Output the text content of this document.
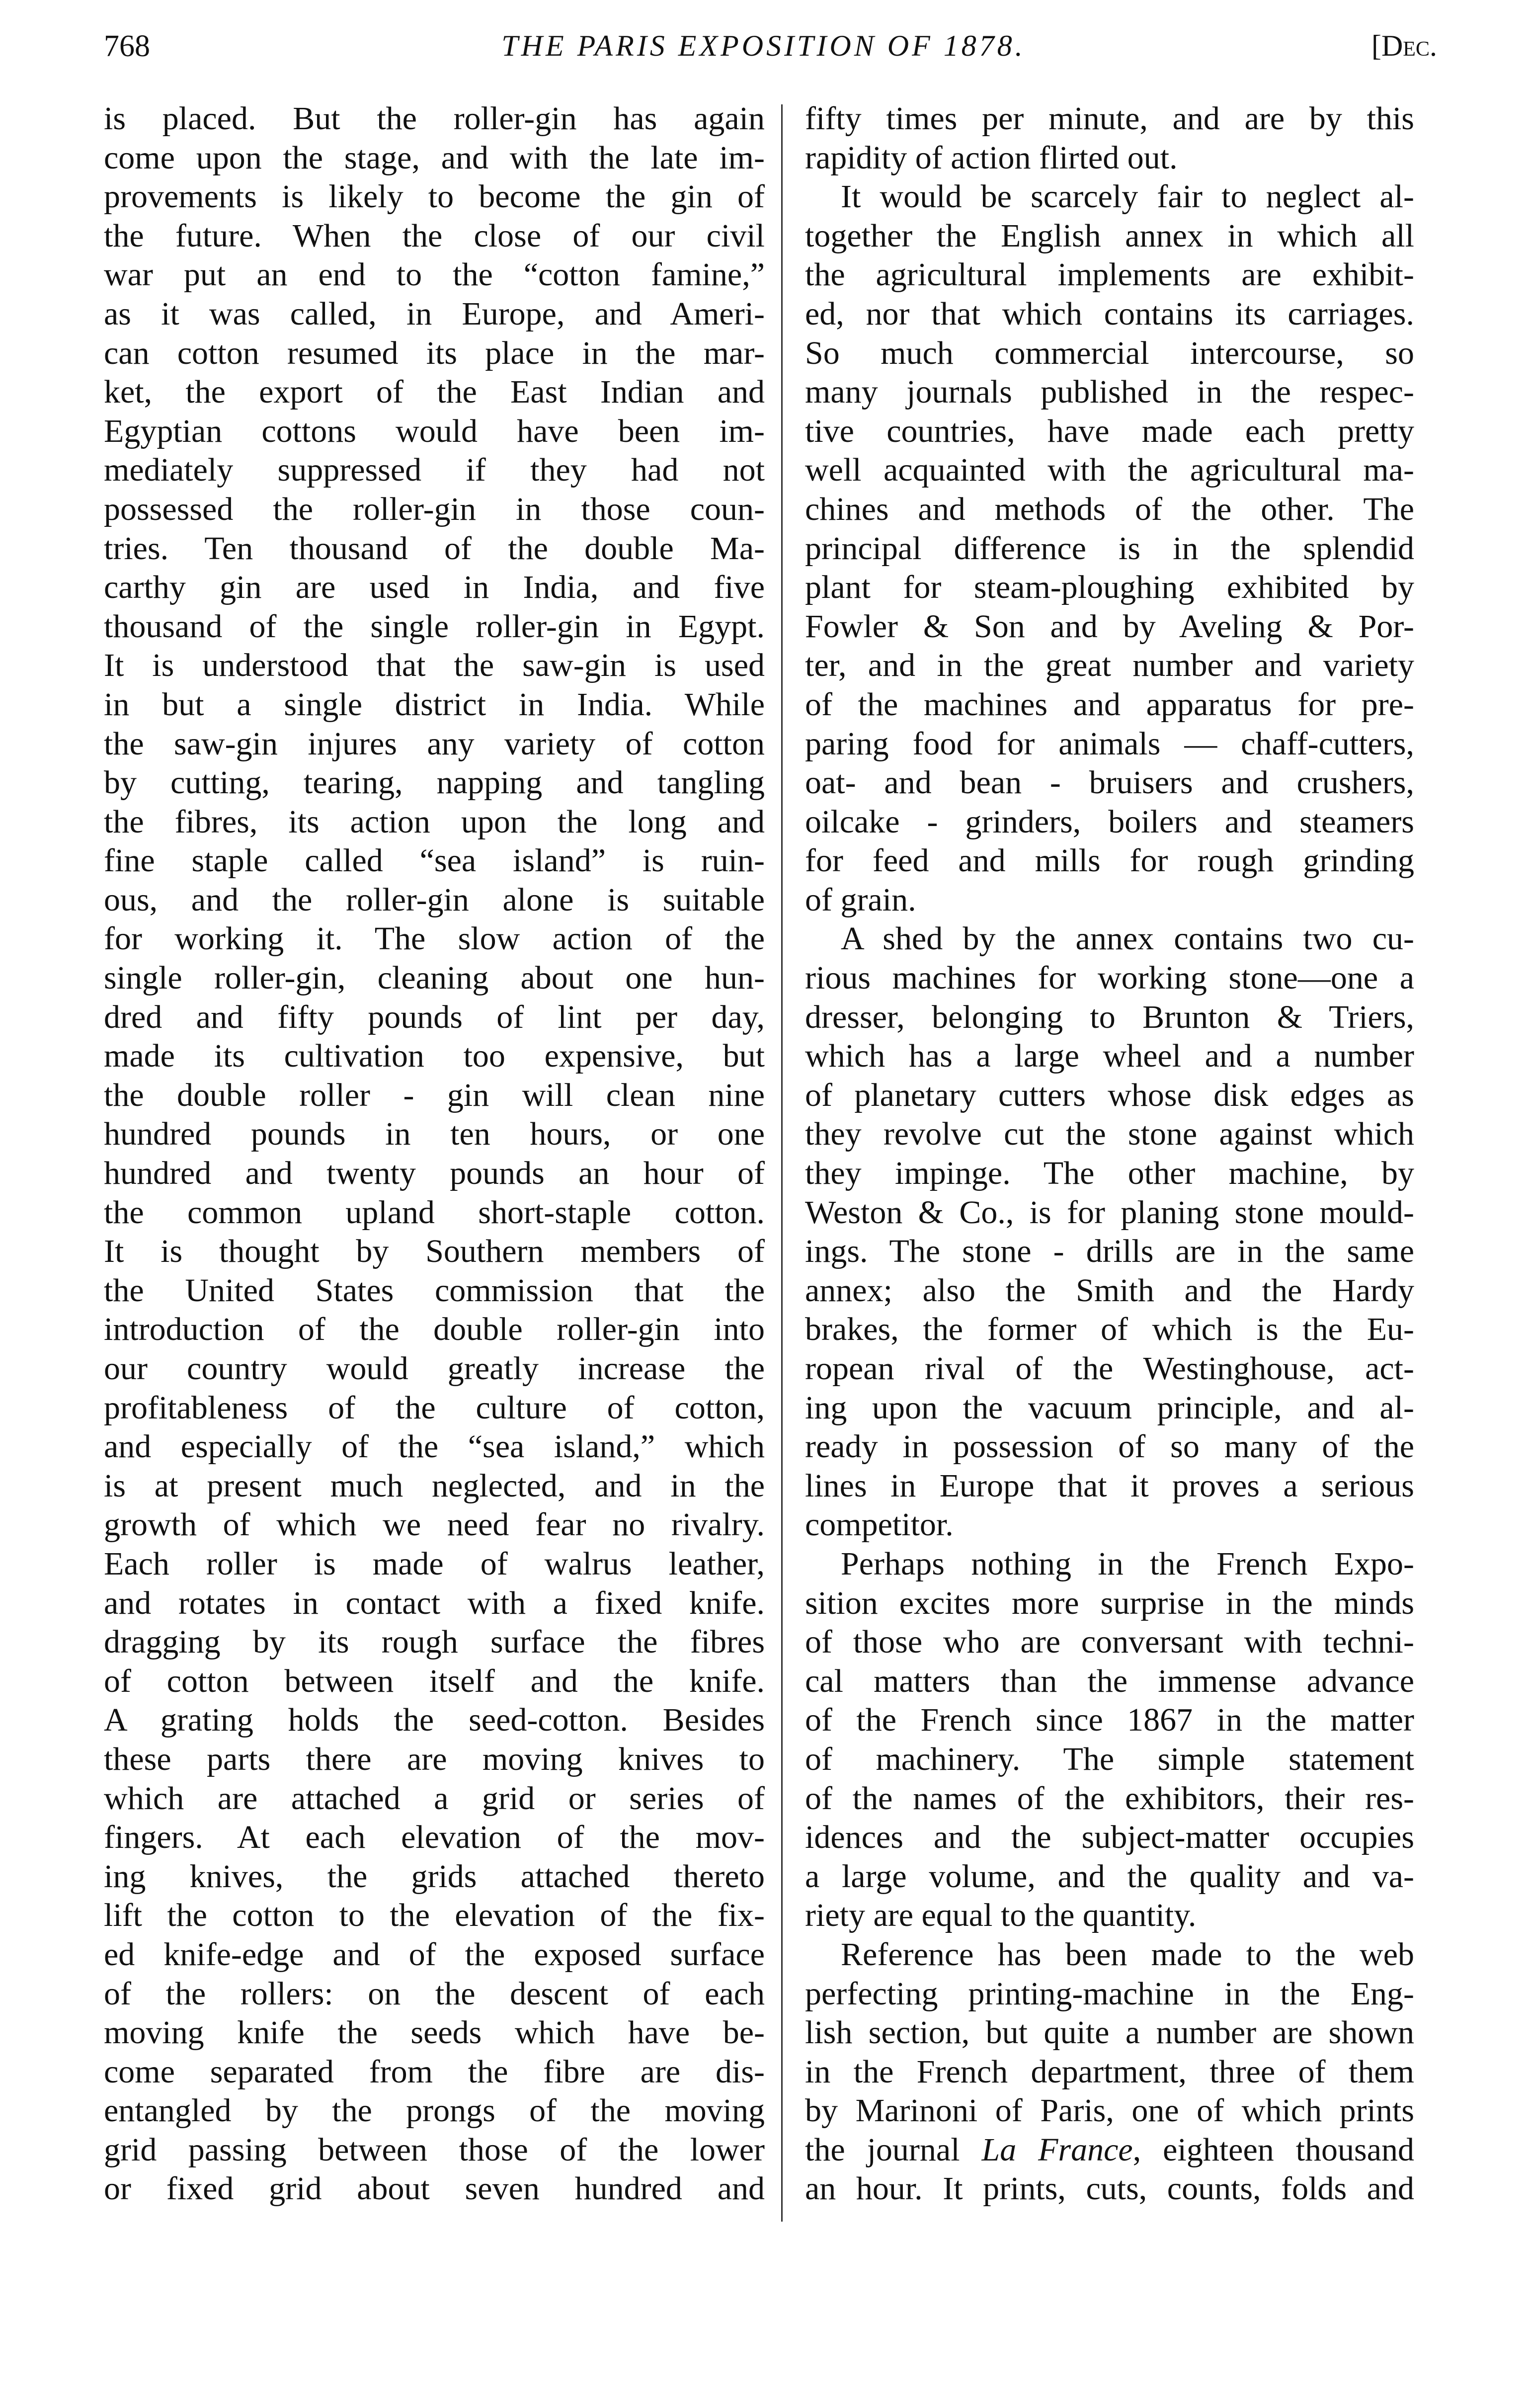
768	THE PARIS EXPOSITION OF 1878.	[Dec.
is placed. But the roller-gin has again
come upon the stage, and with the late im-
provements is likely to become the gin of
the future. When the close of our civil
war put an end to the “cotton famine,”
as it was called, in Europe, and Ameri-
can cotton resumed its place in the mar-
ket, the export of the East Indian and
Egyptian cottons would have been im-
mediately suppressed if they had not
possessed the roller-gin in those coun-
tries. Ten thousand of the double Ma-
carthy gin are used in India, and five
thousand of the single roller-gin in Egypt.
It is understood that the saw-gin is used
in but a single district in India. While
the saw-gin injures any variety of cotton
by cutting, tearing, napping and tangling
the fibres, its action upon the long and
fine staple called “sea island” is ruin-
ous, and the roller-gin alone is suitable
for working it. The slow action of the
single roller-gin, cleaning about one hun-
dred and fifty pounds of lint per day,
made its cultivation too expensive, but
the double roller - gin will clean nine
hundred pounds in ten hours, or one
hundred and twenty pounds an hour of
the common upland short-staple cotton.
It is thought by Southern members of
the United States commission that the
introduction of the double roller-gin into
our country would greatly increase the
profitableness of the culture of cotton,
and especially of the “sea island,” which
is at present much neglected, and in the
growth of which we need fear no rivalry.
Each roller is made of walrus leather,
and rotates in contact with a fixed knife.
dragging by its rough surface the fibres
of cotton between itself and the knife.
A grating holds the seed-cotton. Besides
these parts there are moving knives to
which are attached a grid or series of
fingers. At each elevation of the mov-
ing knives, the grids attached thereto
lift the cotton to the elevation of the fix-
ed knife-edge and of the exposed surface
of the rollers: on the descent of each
moving knife the seeds which have be-
come separated from the fibre are dis-
entangled by the prongs of the moving
grid passing between those of the lower
or fixed grid about seven hundred and
fifty times per minute, and are by this
rapidity of action flirted out.
It would be scarcely fair to neglect al-
together the English annex in which all
the agricultural implements are exhibit-
ed, nor that which contains its carriages.
So much commercial intercourse, so
many journals published in the respec-
tive countries, have made each pretty
well acquainted with the agricultural ma-
chines and methods of the other. The
principal difference is in the splendid
plant for steam-ploughing exhibited by
Fowler & Son and by Aveling & Por-
ter, and in the great number and variety
of the machines and apparatus for pre-
paring food for animals — chaff-cutters,
oat- and bean - bruisers and crushers,
oilcake - grinders, boilers and steamers
for feed and mills for rough grinding
of grain.
A shed by the annex contains two cu-
rious machines for working stone—one a
dresser, belonging to Brunton & Triers,
which has a large wheel and a number
of planetary cutters whose disk edges as
they revolve cut the stone against which
they impinge. The other machine, by
Weston & Co., is for planing stone mould-
ings. The stone - drills are in the same
annex; also the Smith and the Hardy
brakes, the former of which is the Eu-
ropean rival of the Westinghouse, act-
ing upon the vacuum principle, and al-
ready in possession of so many of the
lines in Europe that it proves a serious
competitor.
Perhaps nothing in the French Expo-
sition excites more surprise in the minds
of those who are conversant with techni-
cal matters than the immense advance
of the French since 1867 in the matter
of machinery. The simple statement
of the names of the exhibitors, their res-
idences and the subject-matter occupies
a large volume, and the quality and va-
riety are equal to the quantity.
Reference has been made to the web
perfecting printing-machine in the Eng-
lish section, but quite a number are shown
in the French department, three of them
by Marinoni of Paris, one of which prints
the journal La France, eighteen thousand
an hour. It prints, cuts, counts, folds and
